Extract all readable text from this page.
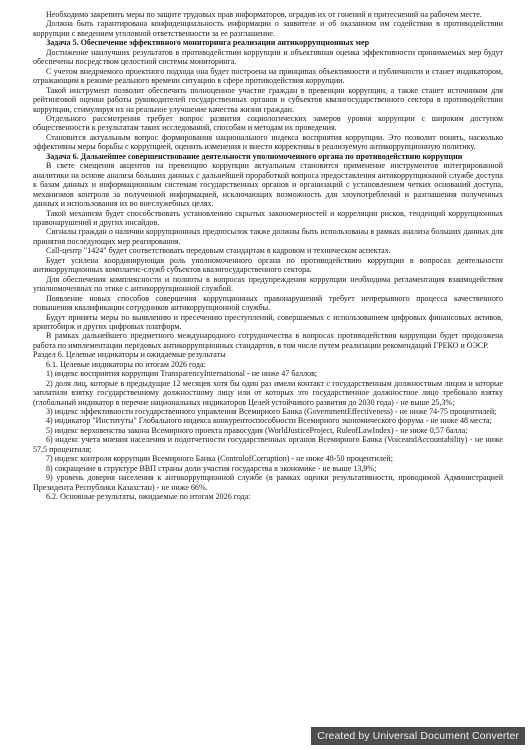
Необходимо закрепить меры по защите трудовых прав информаторов, оградив их от гонений и притеснений на рабочем месте.

Должна быть гарантирована конфиденциальность информации о заявителе и об оказанном им содействии в противодействии коррупции с введением уголовной ответственности за ее разглашение.

Задача 5. Обеспечение эффективного мониторинга реализации антикоррупционных мер

Достижение наилучших результатов в противодействии коррупции и объективная оценка эффективности принимаемых мер будут обеспечены посредством целостной системы мониторинга.

С учетом внедряемого проектного подхода она будет построена на принципах объективности и публичности и станет индикатором, отражающим в режиме реального времени ситуацию в сфере противодействия коррупции.

Такой инструмент позволит обеспечить полноценное участие граждан в превенции коррупции, а также станет источником для рейтинговой оценки работы руководителей государственных органов и субъектов квазигосударственного сектора в противодействии коррупции, стимулируя их на реальное улучшение качества жизни граждан.

Отдельного рассмотрения требует вопрос развития социологических замеров уровня коррупции с широким доступом общественности к результатам таких исследований, способам и методам их проведения.

Становится актуальным вопрос формирования национального индекса восприятия коррупции. Это позволит понять, насколько эффективны меры борьбы с коррупцией, оценить изменения и внести коррективы в реализуемую антикоррупционную политику.

Задача 6. Дальнейшее совершенствование деятельности уполномоченного органа по противодействию коррупции

В свете смещения акцентов на превенцию коррупции актуальным становится применение инструментов интегрированной аналитики на основе анализа больших данных с дальнейшей проработкой вопроса предоставления антикоррупционной службе доступа к базам данных и информационным системам государственных органов и организаций с установлением четких оснований доступа, механизмов контроля за полученной информацией, исключающих возможность для злоупотреблений и разглашения полученных данных и использования их во внеслужебных целях.

Такой механизм будет способствовать установлению скрытых закономерностей и корреляции рисков, тенденций коррупционных правонарушений и других инсайдов.

Сигналы граждан о наличии коррупционных предпосылок также должны быть использованы в рамках анализа больших данных для принятия последующих мер реагирования.

Call-центр "1424" будет соответствовать передовым стандартам в кадровом и техническом аспектах.

Будет усилена координирующая роль уполномоченного органа по противодействию коррупции в вопросах деятельности антикоррупционных комплаенс-служб субъектов квазигосударственного сектора.

Для обеспечения комплексности и полноты в вопросах предупреждения коррупции необходима регламентация взаимодействия уполномоченных по этике с антикоррупционной службой.

Появление новых способов совершения коррупционных правонарушений требует непрерывного процесса качественного повышения квалификации сотрудников антикоррупционной службы.

Будут приняты меры по выявлению и пресечению преступлений, совершаемых с использованием цифровых финансовых активов, криптобирж и других цифровых платформ.

В рамках дальнейшего предметного международного сотрудничества в вопросах противодействия коррупции будет продолжена работа по имплементации передовых антикоррупционных стандартов, в том числе путем реализации рекомендаций ГРЕКО и ОЭСР.

Раздел 6. Целевые индикаторы и ожидаемые результаты

6.1. Целевые индикаторы по итогам 2026 года:

1) индекс восприятия коррупции TransparencyInternational - не ниже 47 баллов;

2) доля лиц, которые в предыдущие 12 месяцев хотя бы один раз имели контакт с государственным должностным лицом и которые заплатили взятку государственному должностному лицу или от которых это государственное должностное лицо требовало взятку (глобальный индикатор в перечне национальных индикаторов Целей устойчивого развития до 2030 года) - не выше 25,3%;

3) индекс эффективности государственного управления Всемирного Банка (GovernmentEffectiveness) - не ниже 74-75 процентилей;

4) индикатор "Институты" Глобального индекса конкурентоспособности Всемирного экономического форума - не ниже 48 места;

5) индекс верховенства закона Всемирного проекта правосудия (WorldJusticeProject, RuleofLawIndex) - не ниже 0,57 балла;

6) индекс учета мнения населения и подотчетности государственных органов Всемирного Банка (VoiceandAccountability) - не ниже 57,5 процентиля;

7) индекс контроля коррупции Всемирного Банка (ControlofCorruption) - не ниже 48-50 процентилей;

8) сокращение в структуре ВВП страны доли участия государства в экономике - не выше 13,9%;

9) уровень доверия населения к антикоррупционной службе (в рамках оценки результативности, проводимой Администрацией Президента Республики Казахстан) - не ниже 66%.

6.2. Основные результаты, ожидаемые по итогам 2026 года:

Created by Universal Document Converter
